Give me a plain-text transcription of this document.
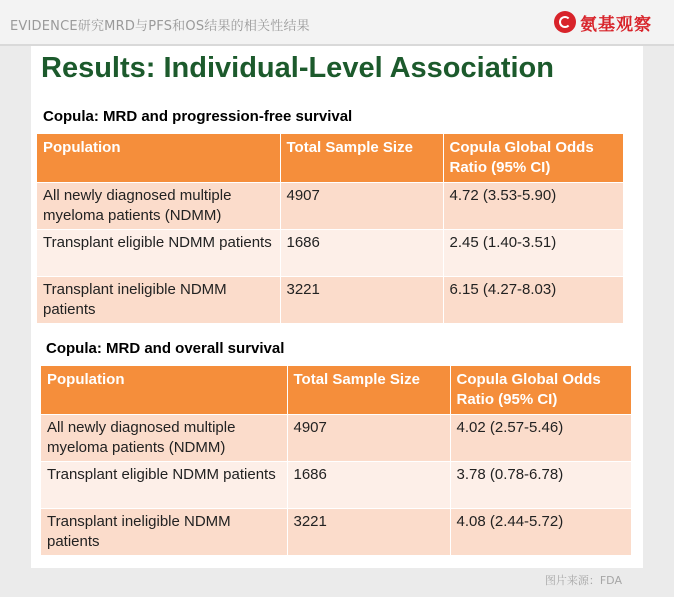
EVIDENCE研究MRD与PFS和OS结果的相关性结果	氨基观察
Results: Individual-Level Association
Copula: MRD and progression-free survival
Population	Total Sample Size	Copula Global Odds Ratio (95% CI)
All newly diagnosed multiple myeloma patients (NDMM)	4907	4.72 (3.53-5.90)
Transplant eligible NDMM patients	1686	2.45 (1.40-3.51)
Transplant ineligible NDMM patients	3221	6.15 (4.27-8.03)
Copula: MRD and overall survival
Population	Total Sample Size	Copula Global Odds Ratio (95% CI)
All newly diagnosed multiple myeloma patients (NDMM)	4907	4.02 (2.57-5.46)
Transplant eligible NDMM patients	1686	3.78 (0.78-6.78)
Transplant ineligible NDMM patients	3221	4.08 (2.44-5.72)
图片来源：FDA
